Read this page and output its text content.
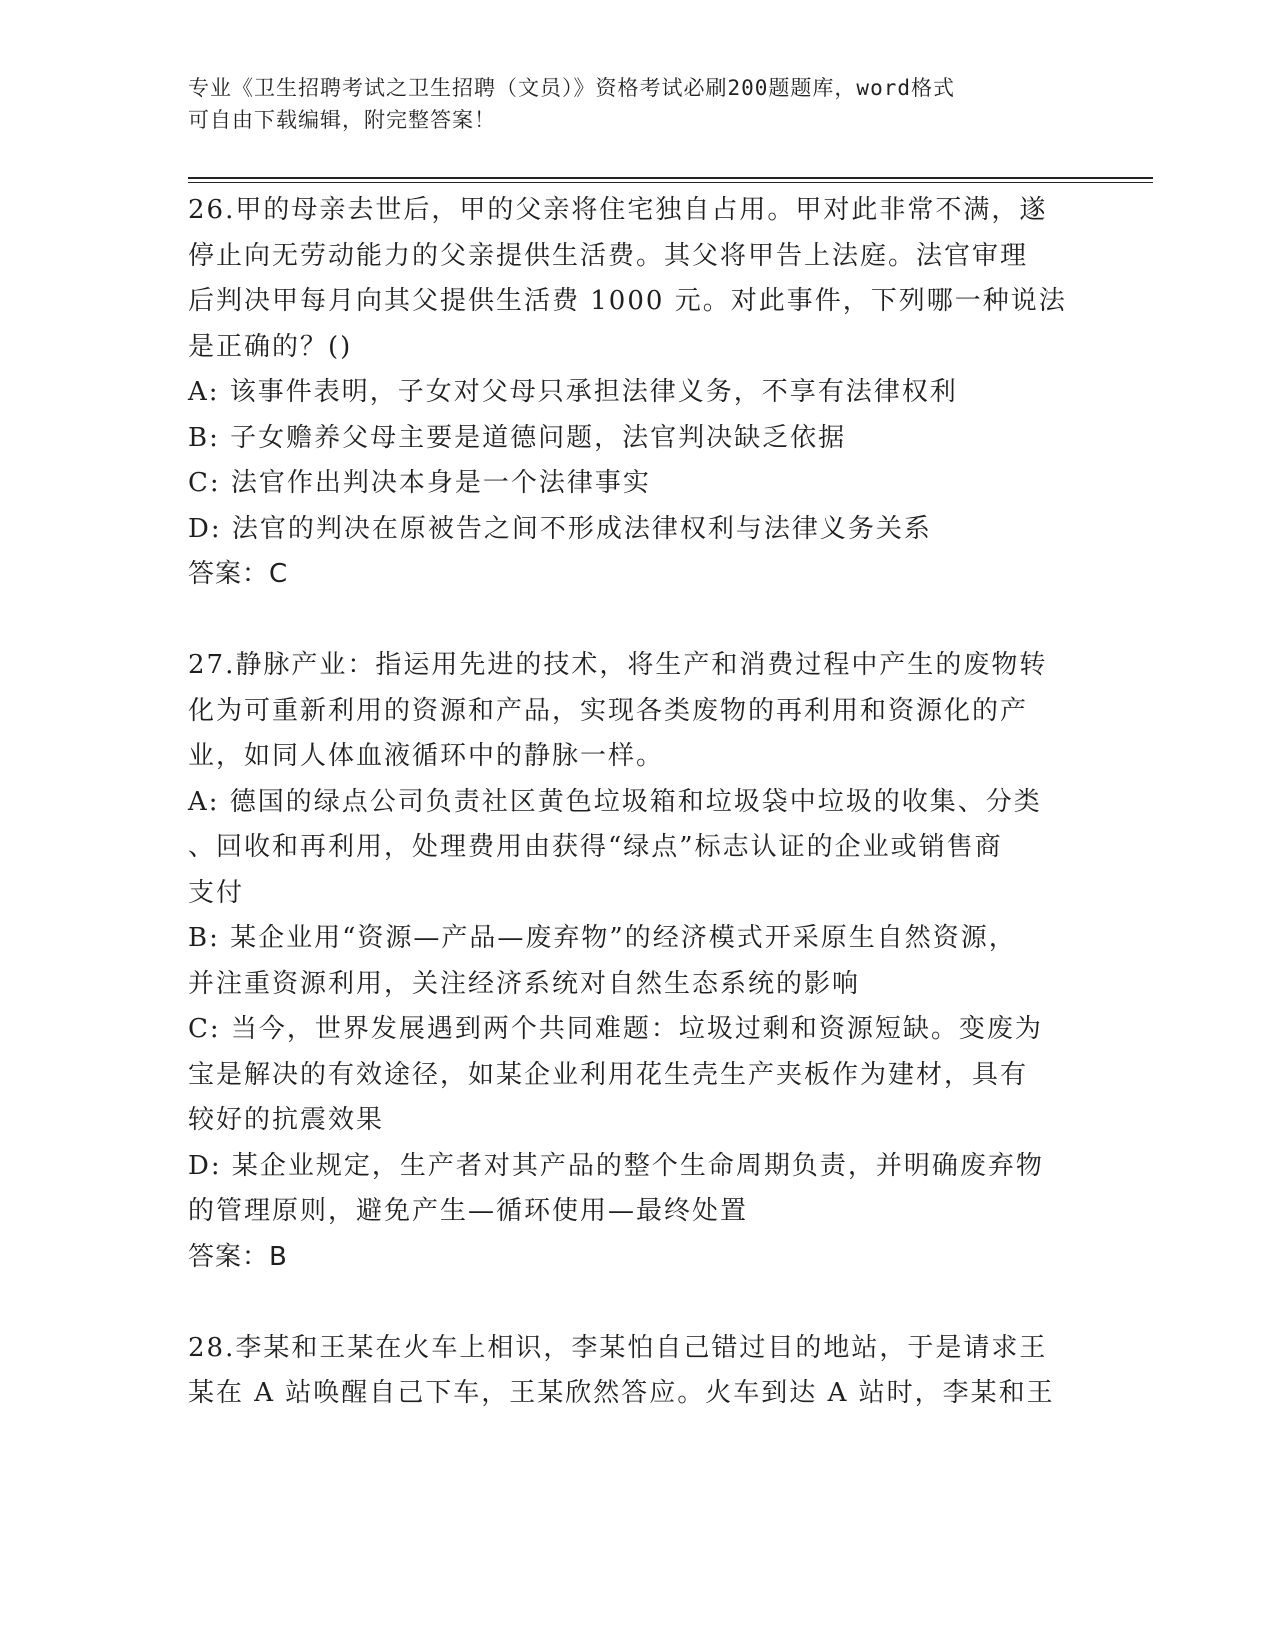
专业《卫生招聘考试之卫生招聘（文员）》资格考试必刷200题题库，word格式

可自由下载编辑，附完整答案！

26.甲的母亲去世后，甲的父亲将住宅独自占用。甲对此非常不满，遂

停止向无劳动能力的父亲提供生活费。其父将甲告上法庭。法官审理

后判决甲每月向其父提供生活费 1000 元。对此事件，下列哪一种说法

是正确的？()

A: 该事件表明，子女对父母只承担法律义务，不享有法律权利

B: 子女赡养父母主要是道德问题，法官判决缺乏依据

C: 法官作出判决本身是一个法律事实

D: 法官的判决在原被告之间不形成法律权利与法律义务关系

答案：C

27.静脉产业：指运用先进的技术，将生产和消费过程中产生的废物转

化为可重新利用的资源和产品，实现各类废物的再利用和资源化的产

业，如同人体血液循环中的静脉一样。

A: 德国的绿点公司负责社区黄色垃圾箱和垃圾袋中垃圾的收集、分类

、回收和再利用，处理费用由获得“绿点”标志认证的企业或销售商

支付

B: 某企业用“资源—产品—废弃物”的经济模式开采原生自然资源，

并注重资源利用，关注经济系统对自然生态系统的影响

C: 当今，世界发展遇到两个共同难题：垃圾过剩和资源短缺。变废为

宝是解决的有效途径，如某企业利用花生壳生产夹板作为建材，具有

较好的抗震效果

D: 某企业规定，生产者对其产品的整个生命周期负责，并明确废弃物

的管理原则，避免产生—循环使用—最终处置

答案：B

28.李某和王某在火车上相识，李某怕自己错过目的地站，于是请求王

某在 A 站唤醒自己下车，王某欣然答应。火车到达 A 站时，李某和王
